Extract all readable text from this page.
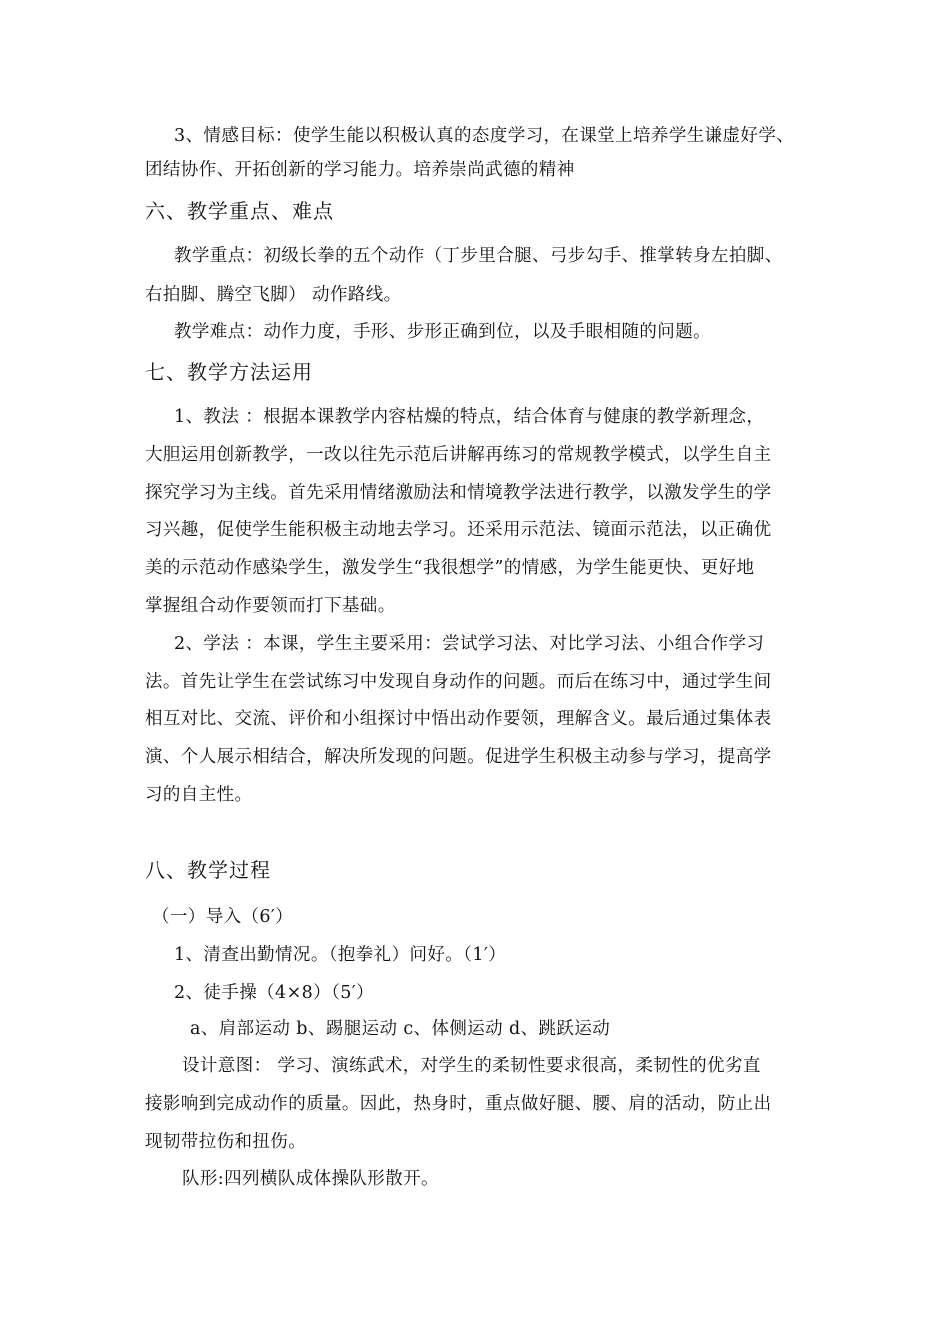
3、情感目标：使学生能以积极认真的态度学习，在课堂上培养学生谦虚好学、
团结协作、开拓创新的学习能力。培养崇尚武德的精神
六、教学重点、难点
教学重点：初级长拳的五个动作（丁步里合腿、弓步勾手、推掌转身左拍脚、
右拍脚、腾空飞脚） 动作路线。
教学难点：动作力度，手形、步形正确到位，以及手眼相随的问题。
七、教学方法运用
1、教法 ：根据本课教学内容枯燥的特点，结合体育与健康的教学新理念，
大胆运用创新教学，一改以往先示范后讲解再练习的常规教学模式，以学生自主
探究学习为主线。首先采用情绪激励法和情境教学法进行教学，以激发学生的学
习兴趣，促使学生能积极主动地去学习。还采用示范法、镜面示范法，以正确优
美的示范动作感染学生，激发学生“我很想学”的情感，为学生能更快、更好地
掌握组合动作要领而打下基础。
2、学法 ：本课，学生主要采用：尝试学习法、对比学习法、小组合作学习
法。首先让学生在尝试练习中发现自身动作的问题。而后在练习中，通过学生间
相互对比、交流、评价和小组探讨中悟出动作要领，理解含义。最后通过集体表
演、个人展示相结合，解决所发现的问题。促进学生积极主动参与学习，提高学
习的自主性。
八、教学过程
（一）导入（6′）
1、清查出勤情况。（抱拳礼）问好。（1′）
2、徒手操（4×8）（5′）
a、肩部运动 b、踢腿运动 c、体侧运动 d、跳跃运动
设计意图： 学习、演练武术，对学生的柔韧性要求很高，柔韧性的优劣直
接影响到完成动作的质量。因此，热身时，重点做好腿、腰、肩的活动，防止出
现韧带拉伤和扭伤。
队形:四列横队成体操队形散开。
